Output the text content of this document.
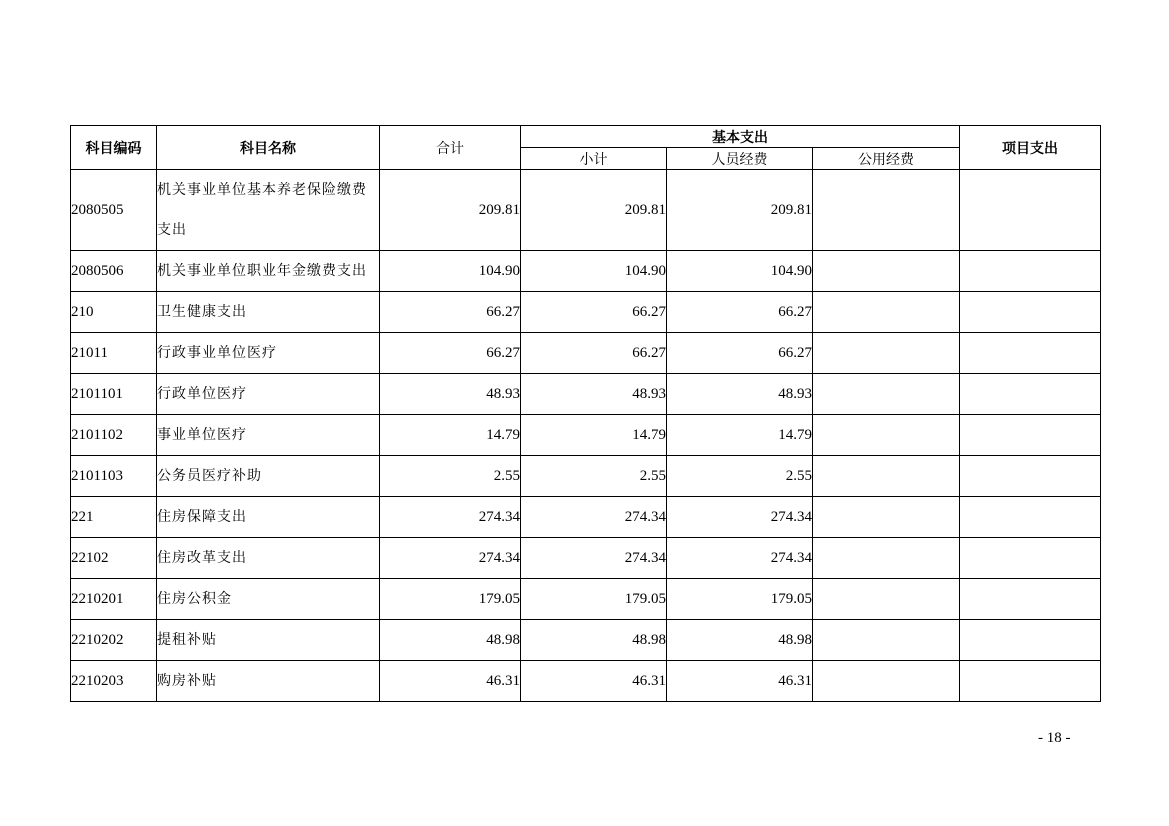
科目编码	科目名称	合计	基本支出			项目支出
			小计	人员经费	公用经费	
2080505	机关事业单位基本养老保险缴费支出	209.81	209.81	209.81		
2080506	机关事业单位职业年金缴费支出	104.90	104.90	104.90		
210	卫生健康支出	66.27	66.27	66.27		
21011	行政事业单位医疗	66.27	66.27	66.27		
2101101	行政单位医疗	48.93	48.93	48.93		
2101102	事业单位医疗	14.79	14.79	14.79		
2101103	公务员医疗补助	2.55	2.55	2.55		
221	住房保障支出	274.34	274.34	274.34		
22102	住房改革支出	274.34	274.34	274.34		
2210201	住房公积金	179.05	179.05	179.05		
2210202	提租补贴	48.98	48.98	48.98		
2210203	购房补贴	46.31	46.31	46.31		
- 18 -
